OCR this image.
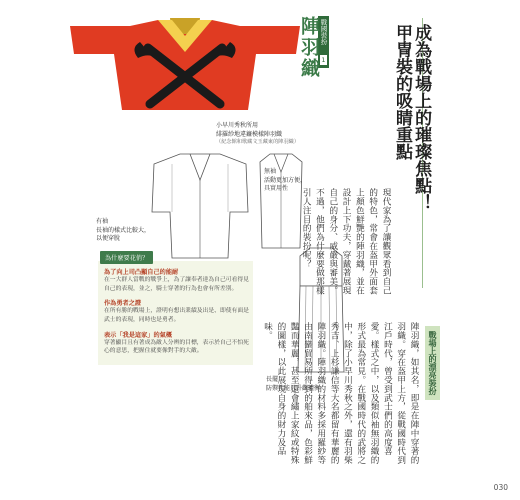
戰國裝扮 1
陣羽織
小早川秀秋所用
緋羅紗地違鐮模樣陣羽織
（紀念館和歌藏文玉藏東的陣羽織）
無袖
活動更加方便，
具實用性
有袖
長袖的樣式比較大，
以便穿脫
長擺
防禦性能且升觀禮衡
為什麼要花俏？
為了向上司凸顯自己的能耐
在一大群人當戰的戰爭上，為了讓奉者達為自己可看得見自己的表現，並之，騎士穿著的行為也會有所差別。
作為勇者之證
在所有勝的戰場上，證明有想出業績及出是、即使有面是武士的表現，同時也是勇者。
表示「我是這家」的氣概
穿著顯目且有著成為敵人分辨的目標，表示於自己不怕死心的意思，把握住就要像對手的大敵。
成為戰場上的璀璨焦點！
甲冑裝的吸睛重點
現代家為了讓觀眾看到自己的特色，常會在盔甲外面套上顏色鮮艷的陣羽織，並在設計上下功夫，穿戴著展現自己的身分、威嚴與審美。不過，他們為什麼要做那樣引人注目的裝扮呢？
戰場上的漂亮裝扮
陣羽織，如其名，即是在陣中穿著的羽織。穿在盔甲上方，從戰國時代到江戶時代，曾受到武士們的高度喜愛。樣式之中，以及類似袖無羽織的形式最為常見。在戰國時代的武將之中，除了小早川秀秋之外，還有羽柴秀吉、上杉謙信等大名都留有華麗的陣羽織。陣羽織的材料多採用羅紗等由南蠻貿易所得到的舶來品，色彩鮮豔而華麗，甚至還會繡上家紋或特殊的圖樣，以此展現自身的財力及品味。
030
